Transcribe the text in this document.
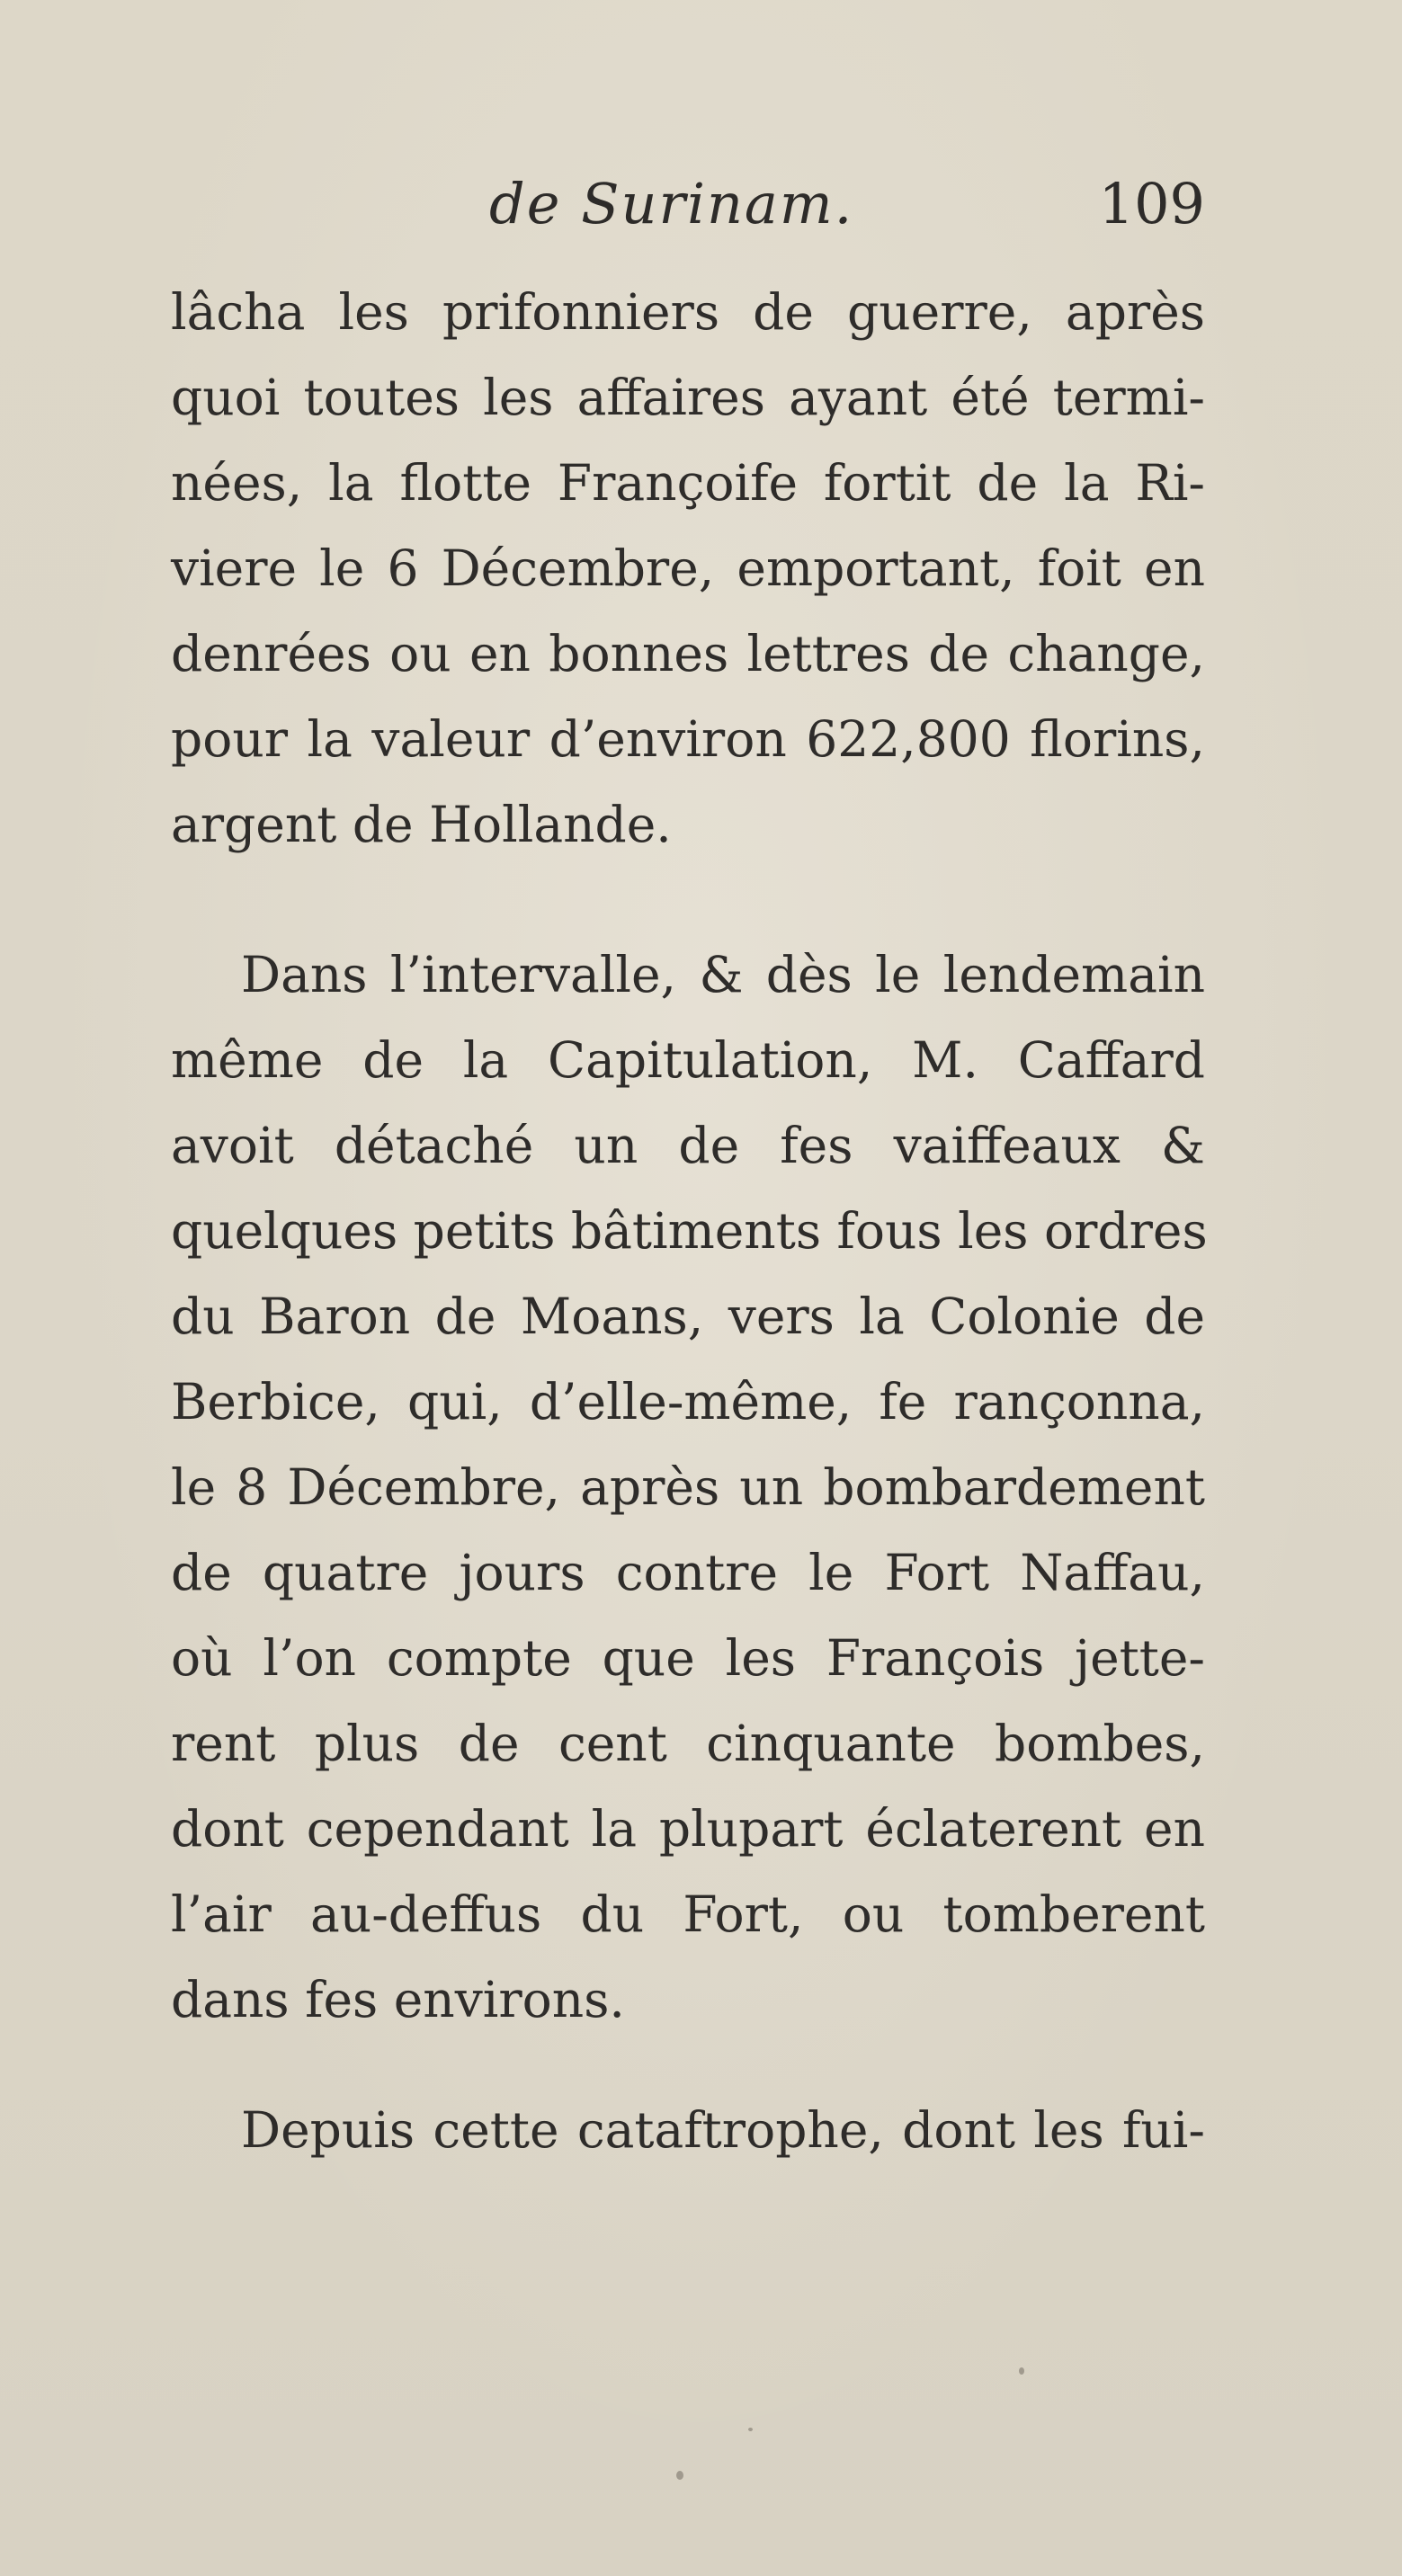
de Surinam.	109
lâcha les prifonniers de guerre, après
quoi toutes les affaires ayant été termi-
nées, la flotte Françoife fortit de la Ri-
viere le 6 Décembre, emportant, foit en
denrées ou en bonnes lettres de change,
pour la valeur d’environ 622,800 florins,
argent de Hollande.
Dans l’intervalle, & dès le lendemain
même de la Capitulation, M. Caffard
avoit détaché un de fes vaiffeaux &
quelques petits bâtiments fous les ordres
du Baron de Moans, vers la Colonie de
Berbice, qui, d’elle-même, fe rançonna,
le 8 Décembre, après un bombardement
de quatre jours contre le Fort Naffau,
où l’on compte que les François jette-
rent plus de cent cinquante bombes,
dont cependant la plupart éclaterent en
l’air au-deffus du Fort, ou tomberent
dans fes environs.
Depuis cette cataftrophe, dont les fui-
